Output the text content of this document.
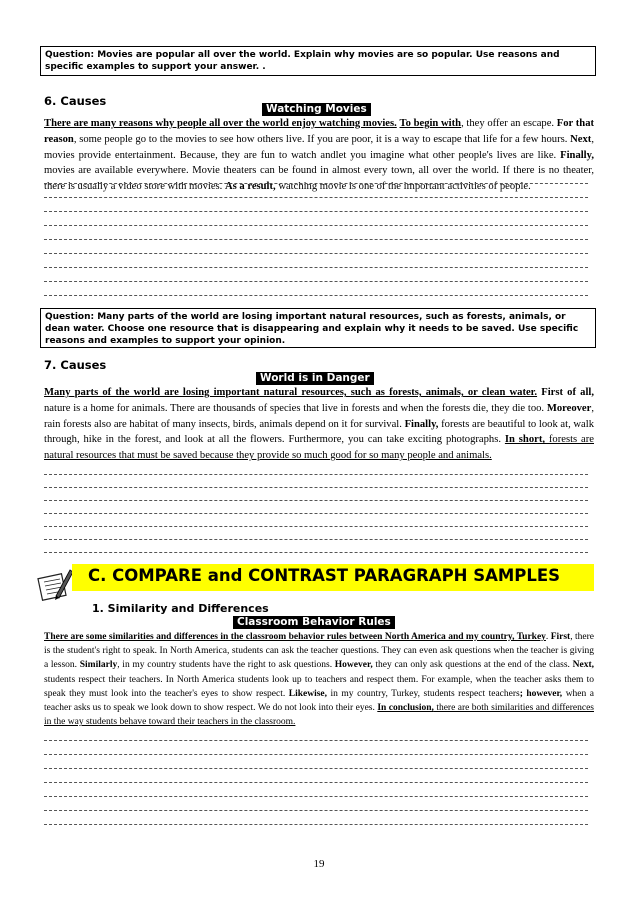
Question: Movies are popular all over the world. Explain why movies are so popular. Use reasons and specific examples to support your answer. .
6. Causes
Watching Movies
There are many reasons why people all over the world enjoy watching movies. To begin with, they offer an escape. For that reason, some people go to the movies to see how others live. If you are poor, it is a way to escape that life for a few hours. Next, movies provide entertainment. Because, they are fun to watch andlet you imagine what other people's lives are like. Finally, movies are available everywhere. Movie theaters can be found in almost every town, all over the world. If there is no theater, there is usually a video store with movies. As a result, watching movie is one of the important activities of people.
Question: Many parts of the world are losing important natural resources, such as forests, animals, or dean water. Choose one resource that is disappearing and explain why it needs to be saved. Use specific reasons and examples to support your opinion.
7. Causes
World is in Danger
Many parts of the world are losing important natural resources, such as forests, animals, or clean water. First of all, nature is a home for animals. There are thousands of species that live in forests and when the forests die, they die too. Moreover, rain forests also are habitat of many insects, birds, animals depend on it for survival. Finally, forests are beautiful to look at, walk through, hike in the forest, and look at all the flowers. Furthermore, you can take exciting photographs. In short, forests are natural resources that must be saved because they provide so much good for so many people and animals.
C. COMPARE and CONTRAST PARAGRAPH SAMPLES
1. Similarity and Differences
Classroom Behavior Rules
There are some similarities and differences in the classroom behavior rules between North America and my country, Turkey. First, there is the student's right to speak. In North America, students can ask the teacher questions. They can even ask questions when the teacher is giving a lesson. Similarly, in my country students have the right to ask questions. However, they can only ask questions at the end of the class. Next, students respect their teachers. In North America students look up to teachers and respect them. For example, when the teacher asks them to speak they must look into the teacher's eyes to show respect. Likewise, in my country, Turkey, students respect teachers; however, when a teacher asks us to speak we look down to show respect. We do not look into their eyes. In conclusion, there are both similarities and differences in the way students behave toward their teachers in the classroom.
19
